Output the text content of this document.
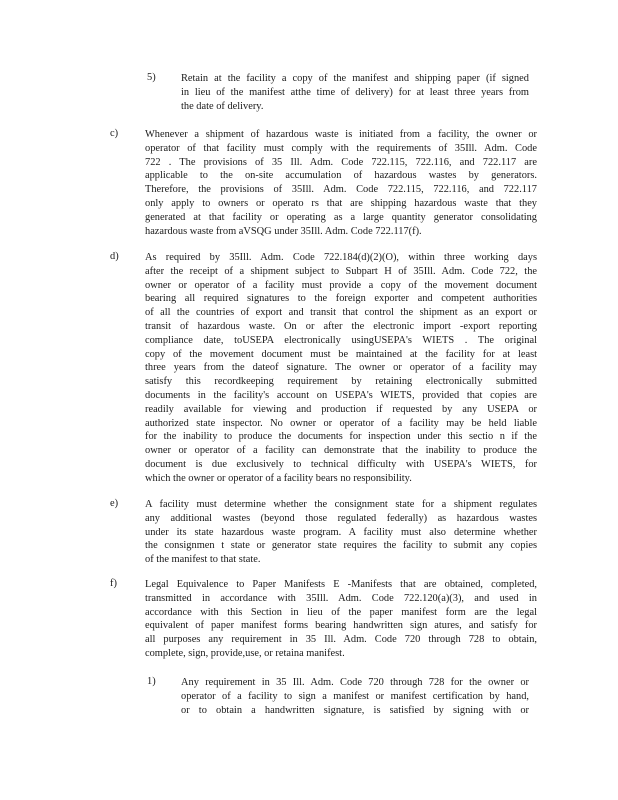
5) Retain at the facility a copy of the manifest and shipping paper (if signed
in lieu of the manifest atthe time of delivery) for at least three years from
the date of delivery.
c)	Whenever a shipment of hazardous waste is initiated from a facility, the owner or
operator of that facility must comply with the requirements of 35Ill. Adm. Code
722 . The provisions of 35 Ill. Adm. Code 722.115, 722.116, and 722.117 are
applicable to the on-site accumulation of hazardous wastes by generators.
Therefore, the provisions of 35Ill. Adm. Code 722.115, 722.116, and 722.117
only apply to owners or operato rs that are shipping hazardous waste that they
generated at that facility or operating as a large quantity generator consolidating
hazardous waste from aVSQG under 35Ill. Adm. Code 722.117(f).
d)	As required by 35Ill. Adm. Code 722.184(d)(2)(O), within three working days
after the receipt of a shipment subject to Subpart H of 35Ill. Adm. Code 722, the
owner or operator of a facility must provide a copy of the movement document
bearing all required signatures to the foreign exporter and competent authorities
of all the countries of export and transit that control the shipment as an export or
transit of hazardous waste. On or after the electronic import -export reporting
compliance date, toUSEPA electronically usingUSEPA's WIETS . The original
copy of the movement document must be maintained at the facility for at least
three years from the dateof signature. The owner or operator of a facility may
satisfy this recordkeeping requirement by retaining electronically submitted
documents in the facility's account on USEPA's WIETS, provided that copies are
readily available for viewing and production if requested by any USEPA or
authorized state inspector. No owner or operator of a facility may be held liable
for the inability to produce the documents for inspection under this sectio n if the
owner or operator of a facility can demonstrate that the inability to produce the
document is due exclusively to technical difficulty with USEPA's WIETS, for
which the owner or operator of a facility bears no responsibility.
e)	A facility must determine whether the consignment state for a shipment regulates
any additional wastes (beyond those regulated federally) as hazardous wastes
under its state hazardous waste program. A facility must also determine whether
the consignmen t state or generator state requires the facility to submit any copies
of the manifest to that state.
f)	Legal Equivalence to Paper Manifests E -Manifests that are obtained, completed,
transmitted in accordance with 35Ill. Adm. Code 722.120(a)(3), and used in
accordance with this Section in lieu of the paper manifest form are the legal
equivalent of paper manifest forms bearing handwritten sign atures, and satisfy for
all purposes any requirement in 35 Ill. Adm. Code 720 through 728 to obtain,
complete, sign, provide,use, or retaina manifest.
1) Any requirement in 35 Ill. Adm. Code 720 through 728 for the owner or
operator of a facility to sign a manifest or manifest certification by hand,
or to obtain a handwritten signature, is satisfied by signing with or
